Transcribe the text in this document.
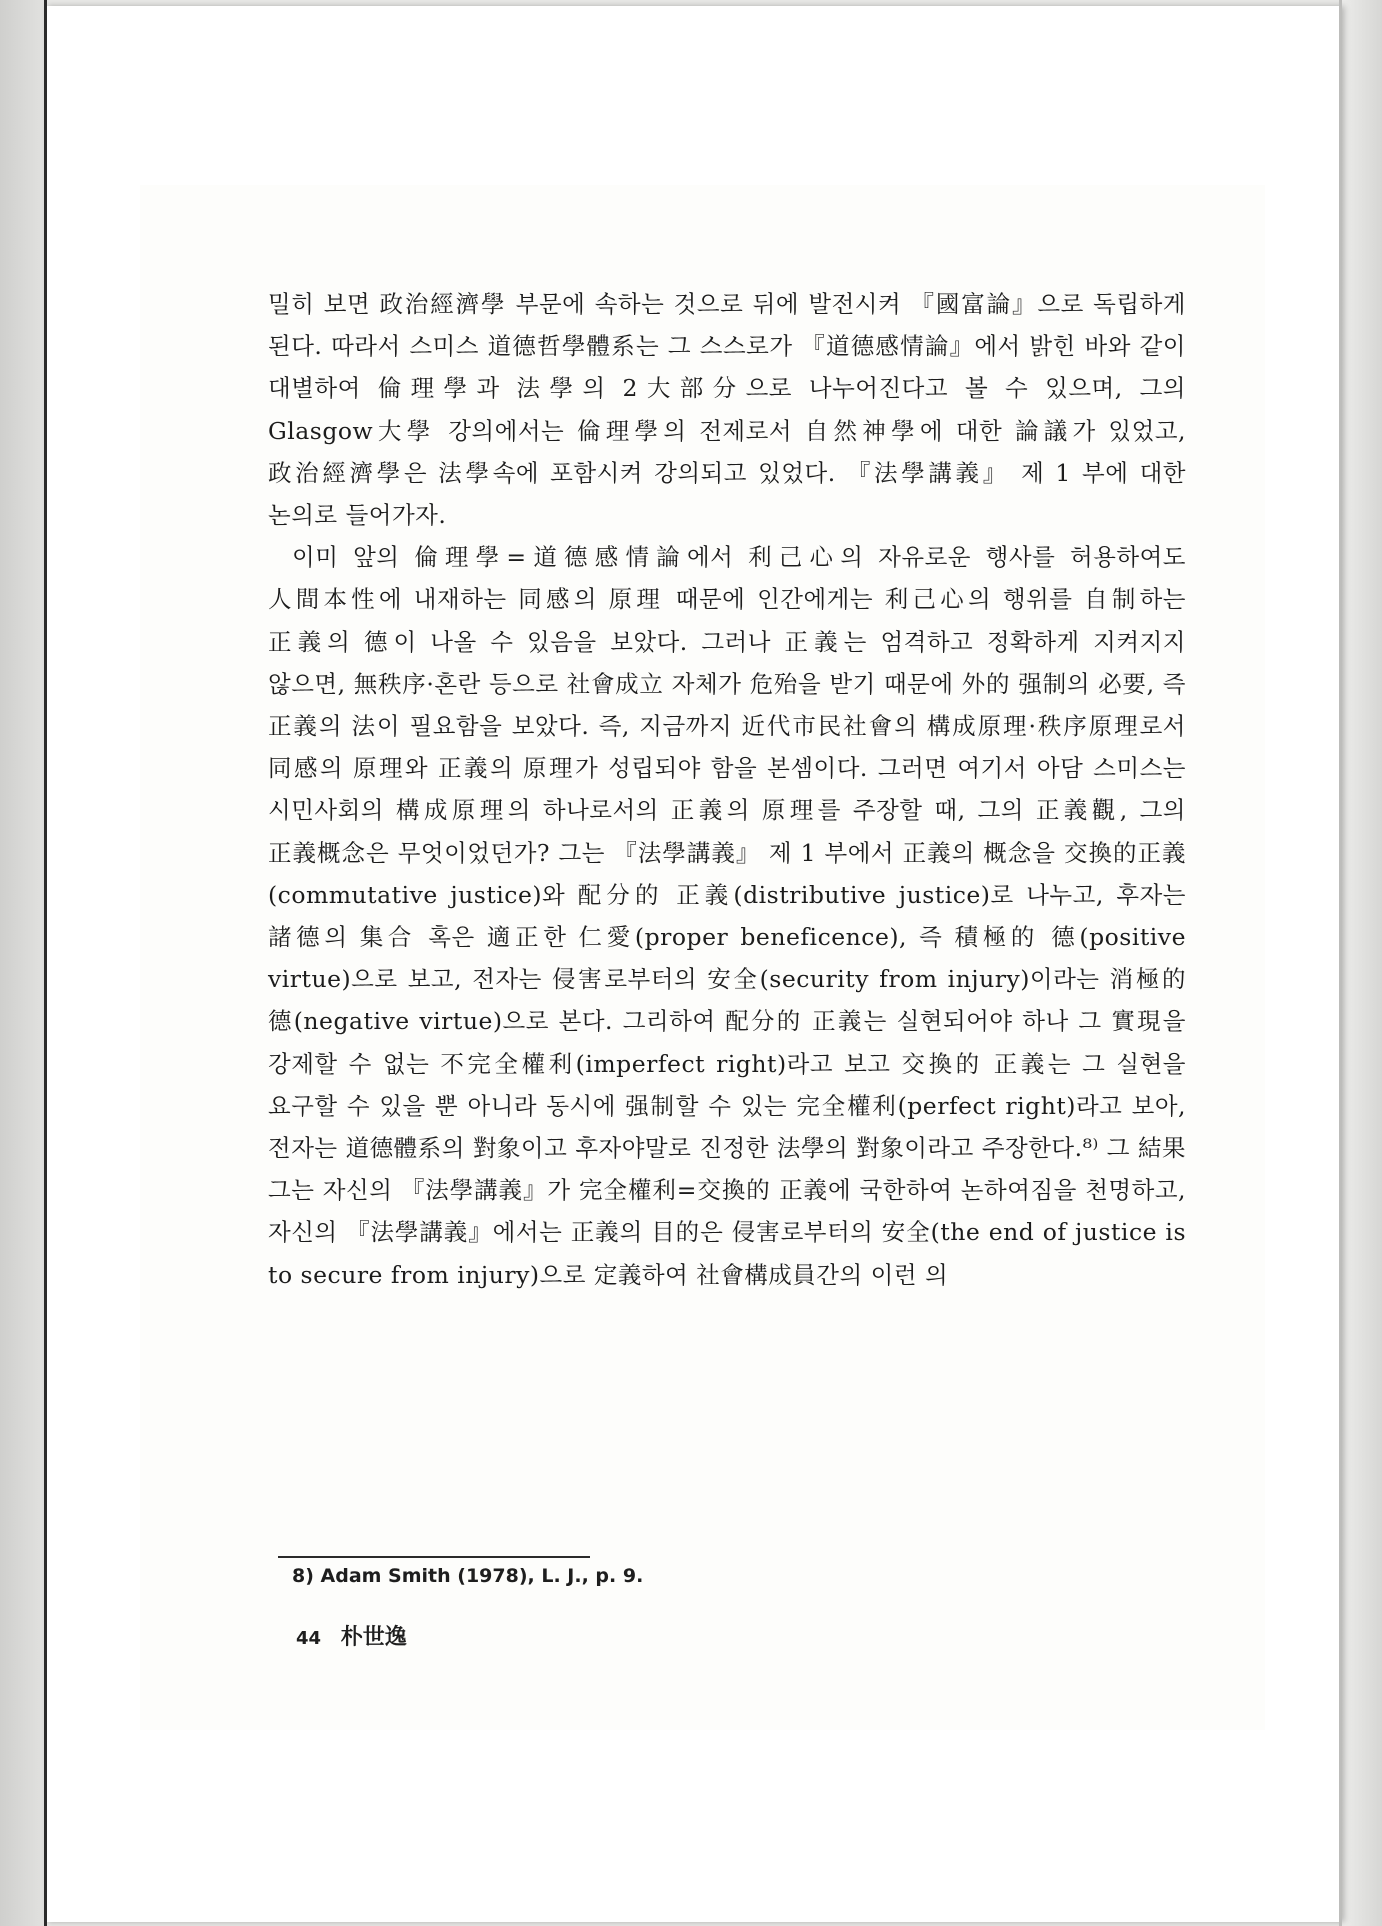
밀히 보면 政治經濟學 부문에 속하는 것으로 뒤에 발전시켜 『國富論』으로 독립하게 된다. 따라서 스미스 道德哲學體系는 그 스스로가 『道德感情論』에서 밝힌 바와 같이 대별하여 倫理學과 法學의 2大部分으로 나누어진다고 볼 수 있으며, 그의 Glasgow大學 강의에서는 倫理學의 전제로서 自然神學에 대한 論議가 있었고, 政治經濟學은 法學속에 포함시켜 강의되고 있었다. 『法學講義』 제 1 부에 대한 논의로 들어가자.

이미 앞의 倫理學=道德感情論에서 利己心의 자유로운 행사를 허용하여도 人間本性에 내재하는 同感의 原理 때문에 인간에게는 利己心의 행위를 自制하는 正義의 德이 나올 수 있음을 보았다. 그러나 正義는 엄격하고 정확하게 지켜지지 않으면, 無秩序·혼란 등으로 社會成立 자체가 危殆을 받기 때문에 外的 强制의 必要, 즉 正義의 法이 필요함을 보았다. 즉, 지금까지 近代市民社會의 構成原理·秩序原理로서 同感의 原理와 正義의 原理가 성립되야 함을 본셈이다. 그러면 여기서 아담 스미스는 시민사회의 構成原理의 하나로서의 正義의 原理를 주장할 때, 그의 正義觀, 그의 正義概念은 무엇이었던가? 그는 『法學講義』 제 1 부에서 正義의 概念을 交換的正義(commutative justice)와 配分的 正義(distributive justice)로 나누고, 후자는 諸德의 集合 혹은 適正한 仁愛(proper beneficence), 즉 積極的 德(positive virtue)으로 보고, 전자는 侵害로부터의 安全(security from injury)이라는 消極的 德(negative virtue)으로 본다. 그리하여 配分的 正義는 실현되어야 하나 그 實現을 강제할 수 없는 不完全權利(imperfect right)라고 보고 交換的 正義는 그 실현을 요구할 수 있을 뿐 아니라 동시에 强制할 수 있는 完全權利(perfect right)라고 보아, 전자는 道德體系의 對象이고 후자야말로 진정한 法學의 對象이라고 주장한다.⁸⁾ 그 結果 그는 자신의 『法學講義』가 完全權利=交換的 正義에 국한하여 논하여짐을 천명하고, 자신의 『法學講義』에서는 正義의 目的은 侵害로부터의 安全(the end of justice is to secure from injury)으로 定義하여 社會構成員간의 이런 의

8) Adam Smith (1978), L. J., p. 9.
44 朴世逸
